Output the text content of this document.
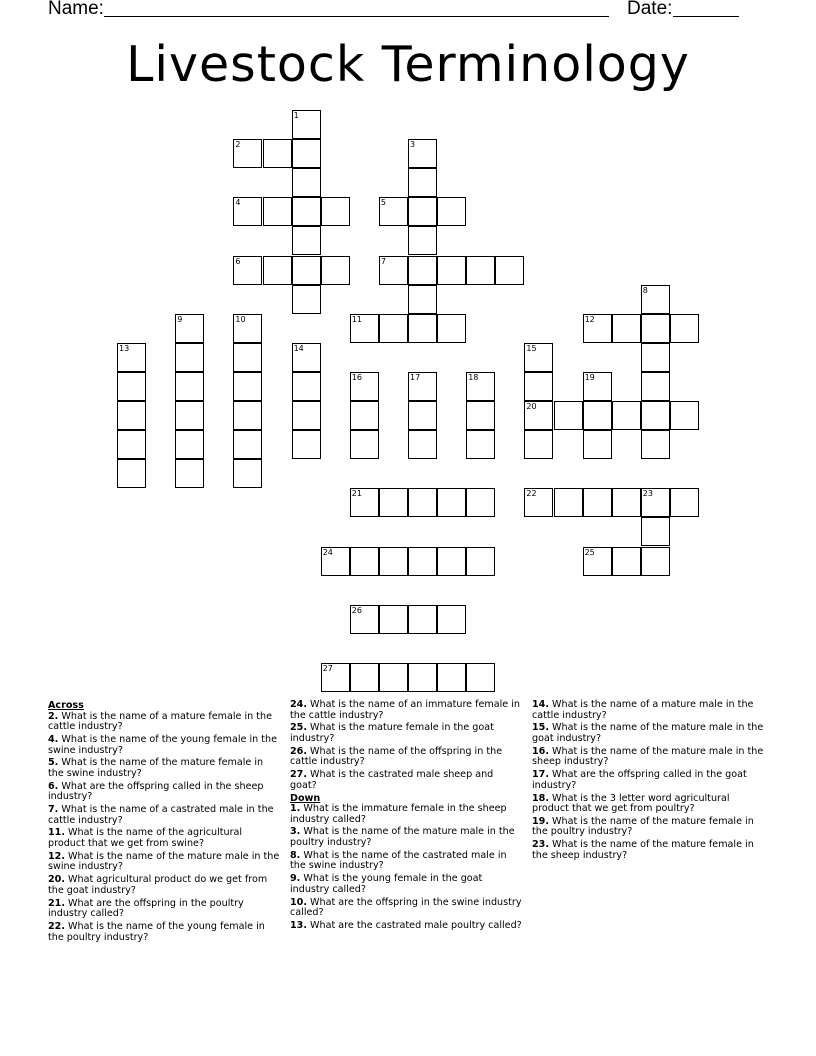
Name:	Date:
Livestock Terminology
1
2	3
4	5
6	7
8
9	10	11	12
13	14	15
20
16	17	18	19
21	22	23
24	25
26
27
Across
2. What is the name of a mature female in the cattle industry?
4. What is the name of the young female in the swine industry?
5. What is the name of the mature female in the swine industry?
6. What are the offspring called in the sheep industry?
7. What is the name of a castrated male in the cattle industry?
11. What is the name of the agricultural product that we get from swine?
12. What is the name of the mature male in the swine industry?
20. What agricultural product do we get from the goat industry?
21. What are the offspring in the poultry industry called?
22. What is the name of the young female in the poultry industry?
24. What is the name of an immature female in the cattle industry?
25. What is the mature female in the goat industry?
26. What is the name of the offspring in the cattle industry?
27. What is the castrated male sheep and goat?
Down
1. What is the immature female in the sheep industry called?
3. What is the name of the mature male in the poultry industry?
8. What is the name of the castrated male in the swine industry?
9. What is the young female in the goat industry called?
10. What are the offspring in the swine industry called?
13. What are the castrated male poultry called?
14. What is the name of a mature male in the cattle industry?
15. What is the name of the mature male in the goat industry?
16. What is the name of the mature male in the sheep industry?
17. What are the offspring called in the goat industry?
18. What is the 3 letter word agricultural product that we get from poultry?
19. What is the name of the mature female in the poultry industry?
23. What is the name of the mature female in the sheep industry?
